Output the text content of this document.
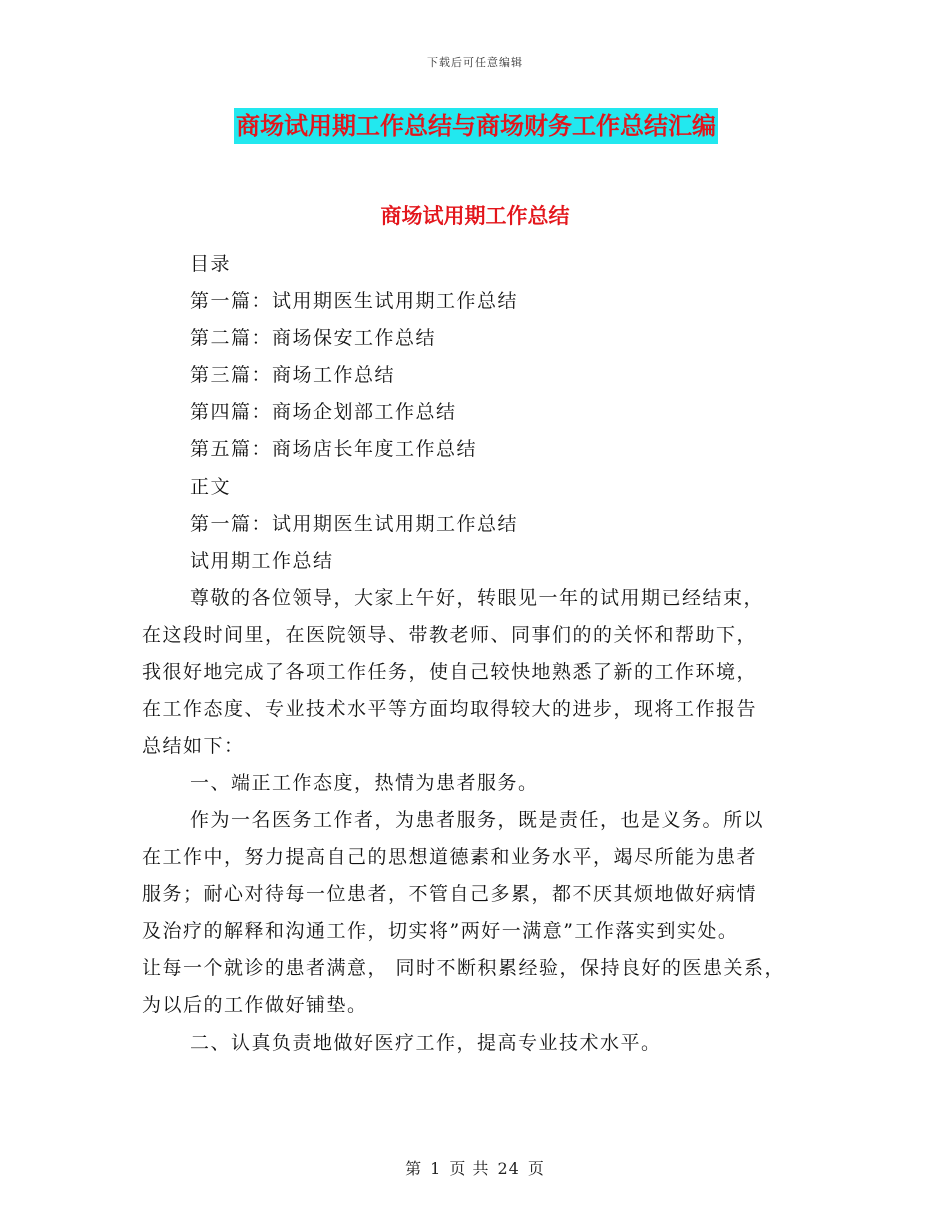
下载后可任意编辑
商场试用期工作总结与商场财务工作总结汇编
商场试用期工作总结
目录
第一篇：试用期医生试用期工作总结
第二篇：商场保安工作总结
第三篇：商场工作总结
第四篇：商场企划部工作总结
第五篇：商场店长年度工作总结
正文
第一篇：试用期医生试用期工作总结
试用期工作总结
尊敬的各位领导，大家上午好，转眼见一年的试用期已经结束，
在这段时间里，在医院领导、带教老师、同事们的的关怀和帮助下，
我很好地完成了各项工作任务，使自己较快地熟悉了新的工作环境，
在工作态度、专业技术水平等方面均取得较大的进步，现将工作报告
总结如下：
一、端正工作态度，热情为患者服务。
作为一名医务工作者，为患者服务，既是责任，也是义务。所以
在工作中，努力提高自己的思想道德素和业务水平，竭尽所能为患者
服务；耐心对待每一位患者，不管自己多累，都不厌其烦地做好病情
及治疗的解释和沟通工作，切实将”两好一满意”工作落实到实处。
让每一个就诊的患者满意， 同时不断积累经验，保持良好的医患关系，
为以后的工作做好铺垫。
二、认真负责地做好医疗工作，提高专业技术水平。
第 1 页 共 24 页
